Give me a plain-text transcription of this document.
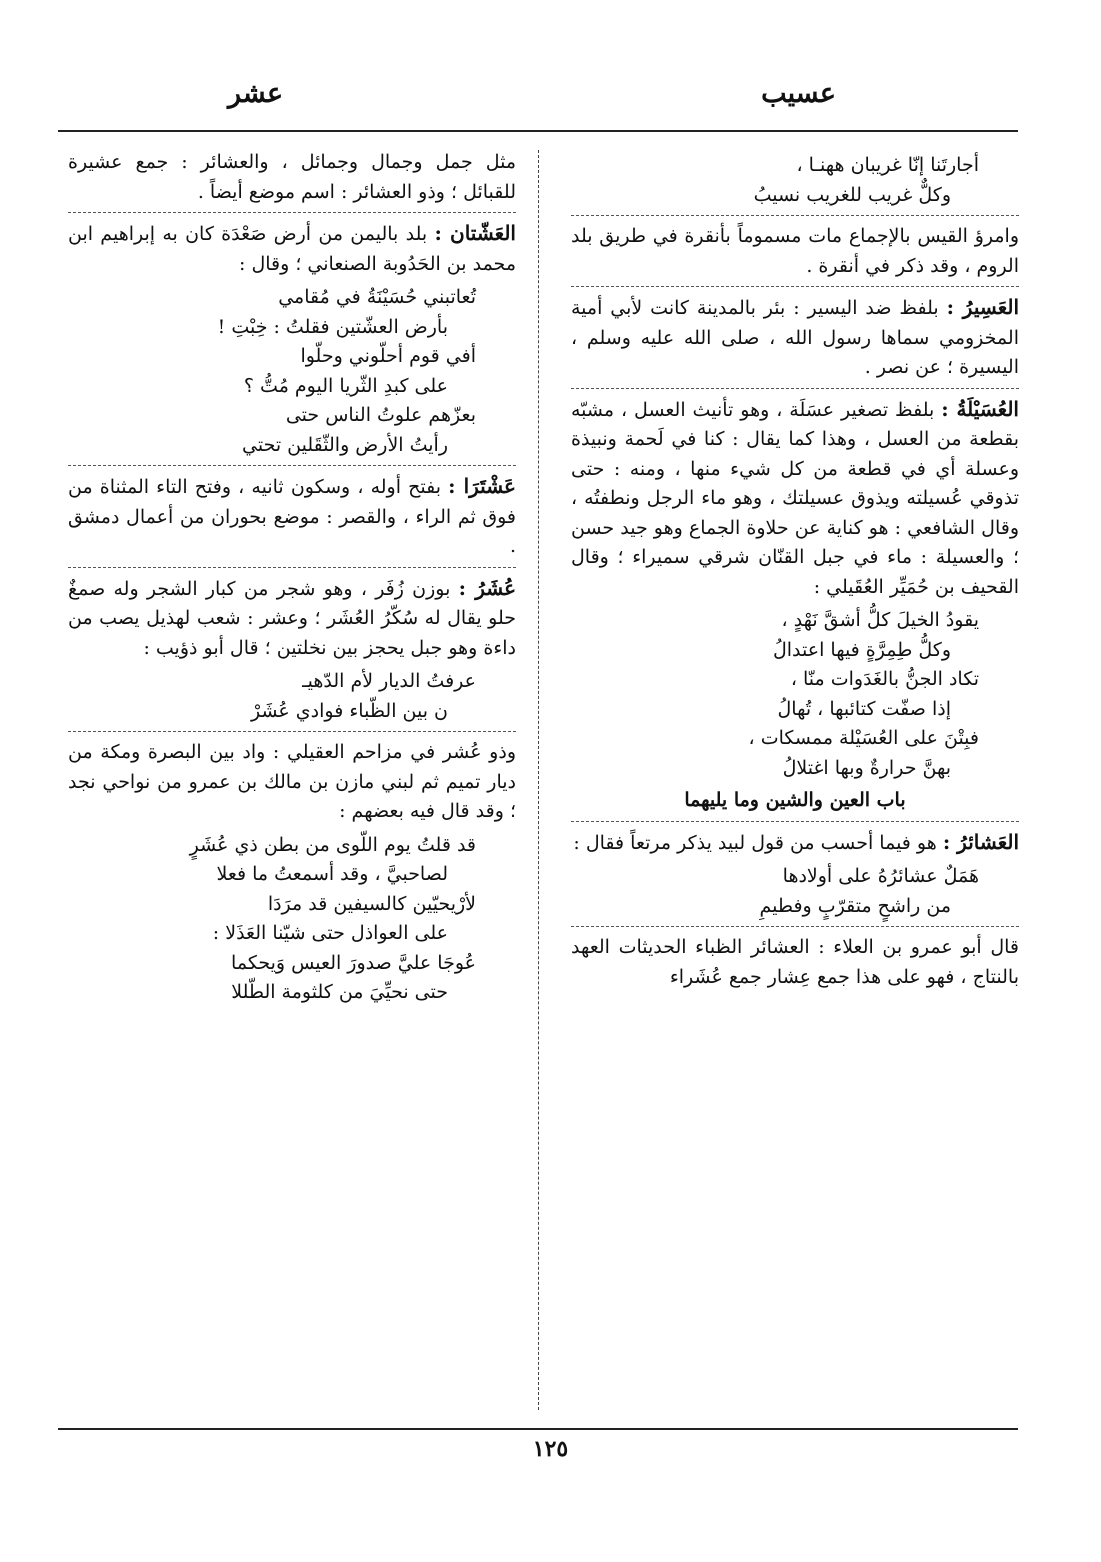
عسيب
عشر
أجارتَنا إنّا غريبان ههنـا ،
وكلٌّ غريب للغريب نسيبُ

وامرؤ القيس بالإجماع مات مسموماً بأنقرة في طريق بلد الروم ، وقد ذكر في أنقرة .

العَسِيرُ : بلفظ ضد اليسير : بئر بالمدينة كانت لأبي أمية المخزومي سماها رسول الله ، صلى الله عليه وسلم ، اليسيرة ؛ عن نصر .

العُسَيْلَةُ : بلفظ تصغير عسَلَة ، وهو تأنيث العسل ، مشبّه بقطعة من العسل ، وهذا كما يقال : كنا في لَحمة ونبيذة وعسلة أي في قطعة من كل شيء منها ، ومنه : حتى تذوقي عُسيلته ويذوق عسيلتك ، وهو ماء الرجل ونطفتُه ، وقال الشافعي : هو كناية عن حلاوة الجماع وهو جيد حسن ؛ والعسيلة : ماء في جبل القنّان شرقي سميراء ؛ وقال القحيف بن حُمَيِّر العُقَيلي :

يقودُ الخيلَ كلُّ أشقَّ نَهْدٍ ،
وكلُّ طِمِرَّةٍ فيها اعتدالُ
تكاد الجنُّ بالغَدَوات منّا ،
إذا صفّت كتائبها ، تُهالُ
فبِتْنَ على العُسَيْلة ممسكات ،
بهنَّ حرارةٌ وبها اغتلالُ
باب العين والشين وما يليهما

العَشائرُ : هو فيما أحسب من قول لبيد يذكر مرتعاً فقال :

هَمَلٌ عشائرُهُ على أولادها
من راشحٍ متقرّبٍ وفطيمِ

قال أبو عمرو بن العلاء : العشائر الظباء الحديثات العهد بالنتاج ، فهو على هذا جمع عِشار جمع عُشَراء

مثل جمل وجمال وجمائل ، والعشائر : جمع عشيرة للقبائل ؛ وذو العشائر : اسم موضع أيضاً .

العَشّتان : بلد باليمن من أرض صَعْدَة كان به إبراهيم ابن محمد بن الحَدُوبة الصنعاني ؛ وقال :

تُعاتبني حُسَيْنَةُ في مُقامي
بأرض العشّتين فقلتُ : خِبْتِ !
أفي قوم أحلّوني وحلّوا
على كبدِ الثّريا اليوم مُتُّ ؟
بعزّهم علوتُ الناس حتى
رأيتُ الأرض والثّقَلين تحتي

عَشْتَرَا : بفتح أوله ، وسكون ثانيه ، وفتح التاء المثناة من فوق ثم الراء ، والقصر : موضع بحوران من أعمال دمشق .

عُشَرُ : بوزن زُفَر ، وهو شجر من كبار الشجر وله صمغٌ حلو يقال له سُكّرُ العُشَر ؛ وعشر : شعب لهذيل يصب من داءة وهو جبل يحجز بين نخلتين ؛ قال أبو ذؤيب :

عرفتُ الديار لأم الدّهيـ
ن بين الظّباء فوادي عُشَرْ

وذو عُشر في مزاحم العقيلي : واد بين البصرة ومكة من ديار تميم ثم لبني مازن بن مالك بن عمرو من نواحي نجد ؛ وقد قال فيه بعضهم :

قد قلتُ يوم اللّوى من بطن ذي عُشَرٍ
لصاحبيَّ ، وقد أسمعتُ ما فعلا
لأرْيحيّين كالسيفين قد مرَدَا
على العواذل حتى شيّنا العَذَلا :
عُوجَا عليَّ صدورَ العيس وَيحكما
حتى نحيِّيَ من كلثومة الطّللا
١٢٥
